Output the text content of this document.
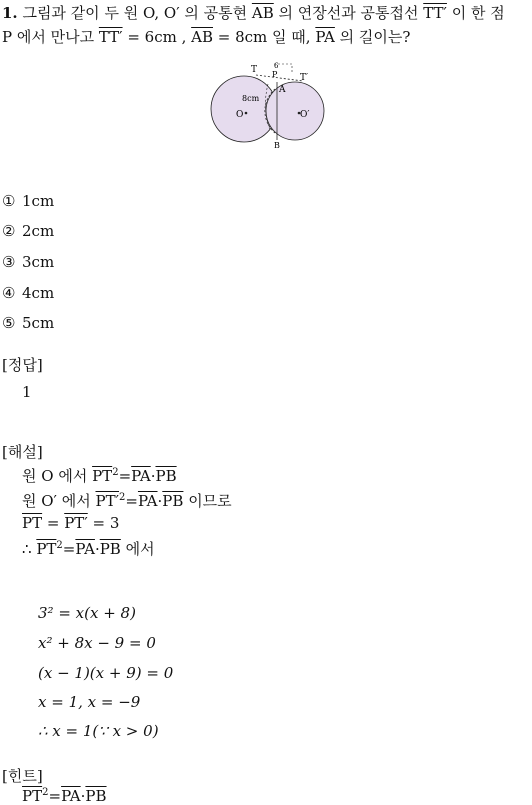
1. 그림과 같이 두 원 O, O′ 의 공통현 $\overline{AB}$ 의 연장선과 공통접선 TT′ 이 한 점
P 에서 만나고 TT′ = 6cm , $\overline{AB} = 8cm$ 일 때, $\overline{PA}$ 의 길이는?
T P	T′
A
B
O	O′
8cm
6
① 1cm
② 2cm
③ 3cm
④ 4cm
⑤ 5cm
[정답]
1
[해설]
원 O 에서 $\overline{PT}^2=\overline{PA}\cdot\overline{PB}$
원 O′ 에서 $PT'^2=\overline{PA}\cdot\overline{PB}$ 이므로
$\overline{PT} = PT' = 3$
∴ $\overline{PT}^2=\overline{PA}\cdot\overline{PB}$ 에서
3² = x(x + 8)
x² + 8x − 9 = 0
(x − 1)(x + 9) = 0
x = 1, x = −9
∴ x = 1(∵ x > 0)
[힌트]
$\overline{PT}^2=\overline{PA}\cdot\overline{PB}$
